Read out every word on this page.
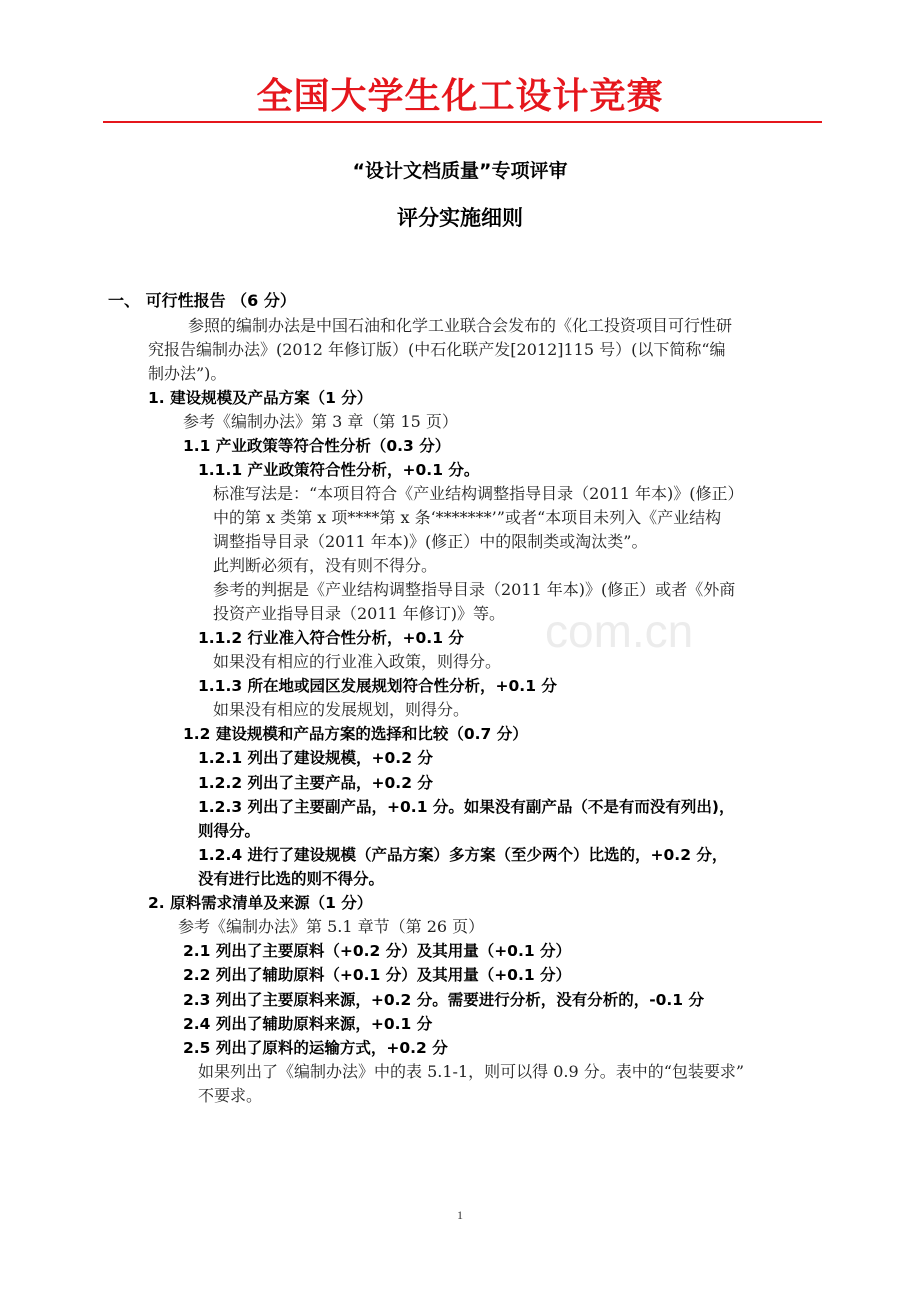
全国大学生化工设计竞赛
“设计文档质量”专项评审
评分实施细则
一、 可行性报告 （6 分）
参照的编制办法是中国石油和化学工业联合会发布的《化工投资项目可行性研
究报告编制办法》(2012 年修订版）(中石化联产发[2012]115 号）(以下简称“编
制办法”)。
1. 建设规模及产品方案（1 分）
参考《编制办法》第 3 章（第 15 页）
1.1 产业政策等符合性分析（0.3 分）
1.1.1 产业政策符合性分析，+0.1 分。
标准写法是：“本项目符合《产业结构调整指导目录（2011 年本)》(修正）
中的第 x 类第 x 项****第 x 条‘*******’”或者“本项目未列入《产业结构
调整指导目录（2011 年本)》(修正）中的限制类或淘汰类”。
此判断必须有，没有则不得分。
参考的判据是《产业结构调整指导目录（2011 年本)》(修正）或者《外商
投资产业指导目录（2011 年修订)》等。
1.1.2 行业准入符合性分析，+0.1 分
如果没有相应的行业准入政策，则得分。
1.1.3 所在地或园区发展规划符合性分析，+0.1 分
如果没有相应的发展规划，则得分。
1.2 建设规模和产品方案的选择和比较（0.7 分）
1.2.1 列出了建设规模，+0.2 分
1.2.2 列出了主要产品，+0.2 分
1.2.3 列出了主要副产品，+0.1 分。如果没有副产品（不是有而没有列出)，
则得分。
1.2.4 进行了建设规模（产品方案）多方案（至少两个）比选的，+0.2 分，
没有进行比选的则不得分。
2. 原料需求清单及来源（1 分）
参考《编制办法》第 5.1 章节（第 26 页）
2.1 列出了主要原料（+0.2 分）及其用量（+0.1 分）
2.2 列出了辅助原料（+0.1 分）及其用量（+0.1 分）
2.3 列出了主要原料来源，+0.2 分。需要进行分析，没有分析的，-0.1 分
2.4 列出了辅助原料来源，+0.1 分
2.5 列出了原料的运输方式，+0.2 分
如果列出了《编制办法》中的表 5.1-1，则可以得 0.9 分。表中的“包装要求”
不要求。
com.cn
1
